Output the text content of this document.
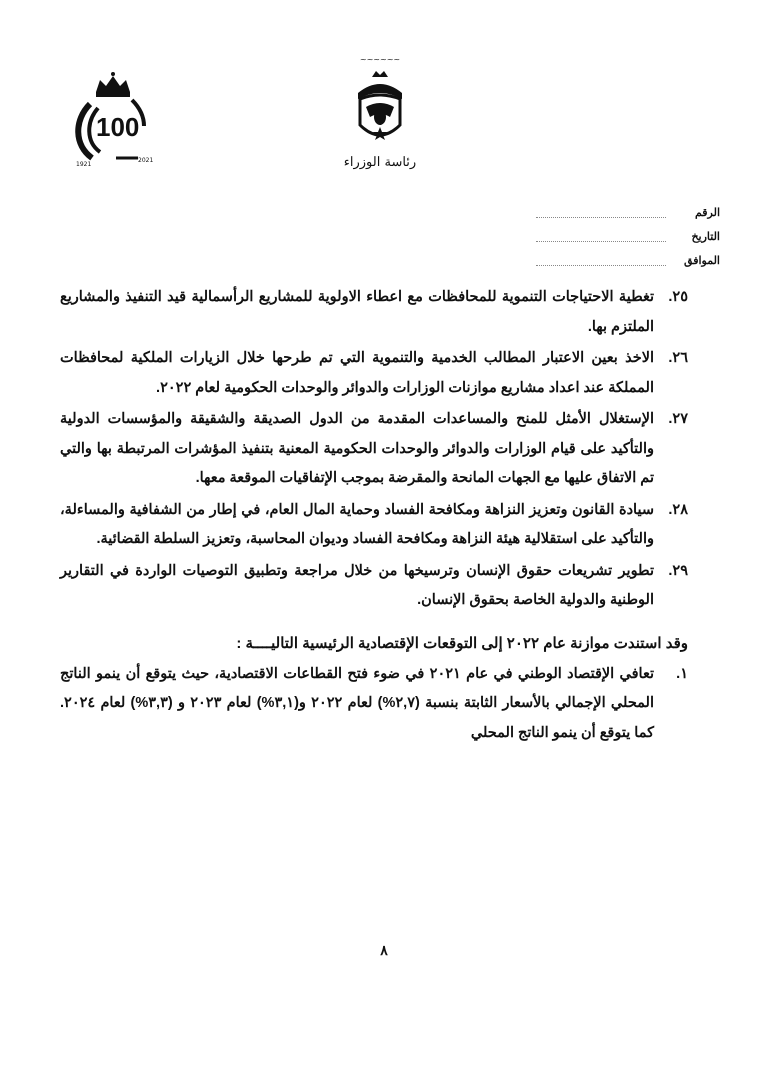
100
1921
2021
~~~~~~
رئاسة الوزراء
الرقم
التاريخ
الموافق
٢٥.
تغطية الاحتياجات التنموية للمحافظات مع اعطاء الاولوية للمشاريع الرأسمالية قيد التنفيذ والمشاريع الملتزم بها.
٢٦.
الاخذ بعين الاعتبار المطالب الخدمية والتنموية التي تم طرحها خلال الزيارات الملكية لمحافظات المملكة عند اعداد مشاريع موازنات الوزارات والدوائر والوحدات الحكومية لعام ٢٠٢٢.
٢٧.
الإستغلال الأمثل للمنح والمساعدات المقدمة من الدول الصديقة والشقيقة والمؤسسات الدولية والتأكيد على قيام الوزارات والدوائر والوحدات الحكومية المعنية بتنفيذ المؤشرات المرتبطة بها والتي تم الاتفاق عليها مع الجهات المانحة والمقرضة بموجب الإتفاقيات الموقعة معها.
٢٨.
سيادة القانون وتعزيز النزاهة ومكافحة الفساد وحماية المال العام، في إطار من الشفافية والمساءلة، والتأكيد على استقلالية هيئة النزاهة ومكافحة الفساد وديوان المحاسبة، وتعزيز السلطة القضائية.
٢٩.
تطوير تشريعات حقوق الإنسان وترسيخها من خلال مراجعة وتطبيق التوصيات الواردة في التقارير الوطنية والدولية الخاصة بحقوق الإنسان.
وقد استندت موازنة عام ٢٠٢٢ إلى التوقعات الإقتصادية الرئيسية التاليــــة :
١.
تعافي الإقتصاد الوطني في عام ٢٠٢١ في ضوء فتح القطاعات الاقتصادية، حيث يتوقع أن ينمو الناتج المحلي الإجمالي بالأسعار الثابتة بنسبة (٢,٧%) لعام ٢٠٢٢ و(٣,١%) لعام ٢٠٢٣ و (٣,٣%) لعام ٢٠٢٤. كما يتوقع أن ينمو الناتج المحلي
٨
